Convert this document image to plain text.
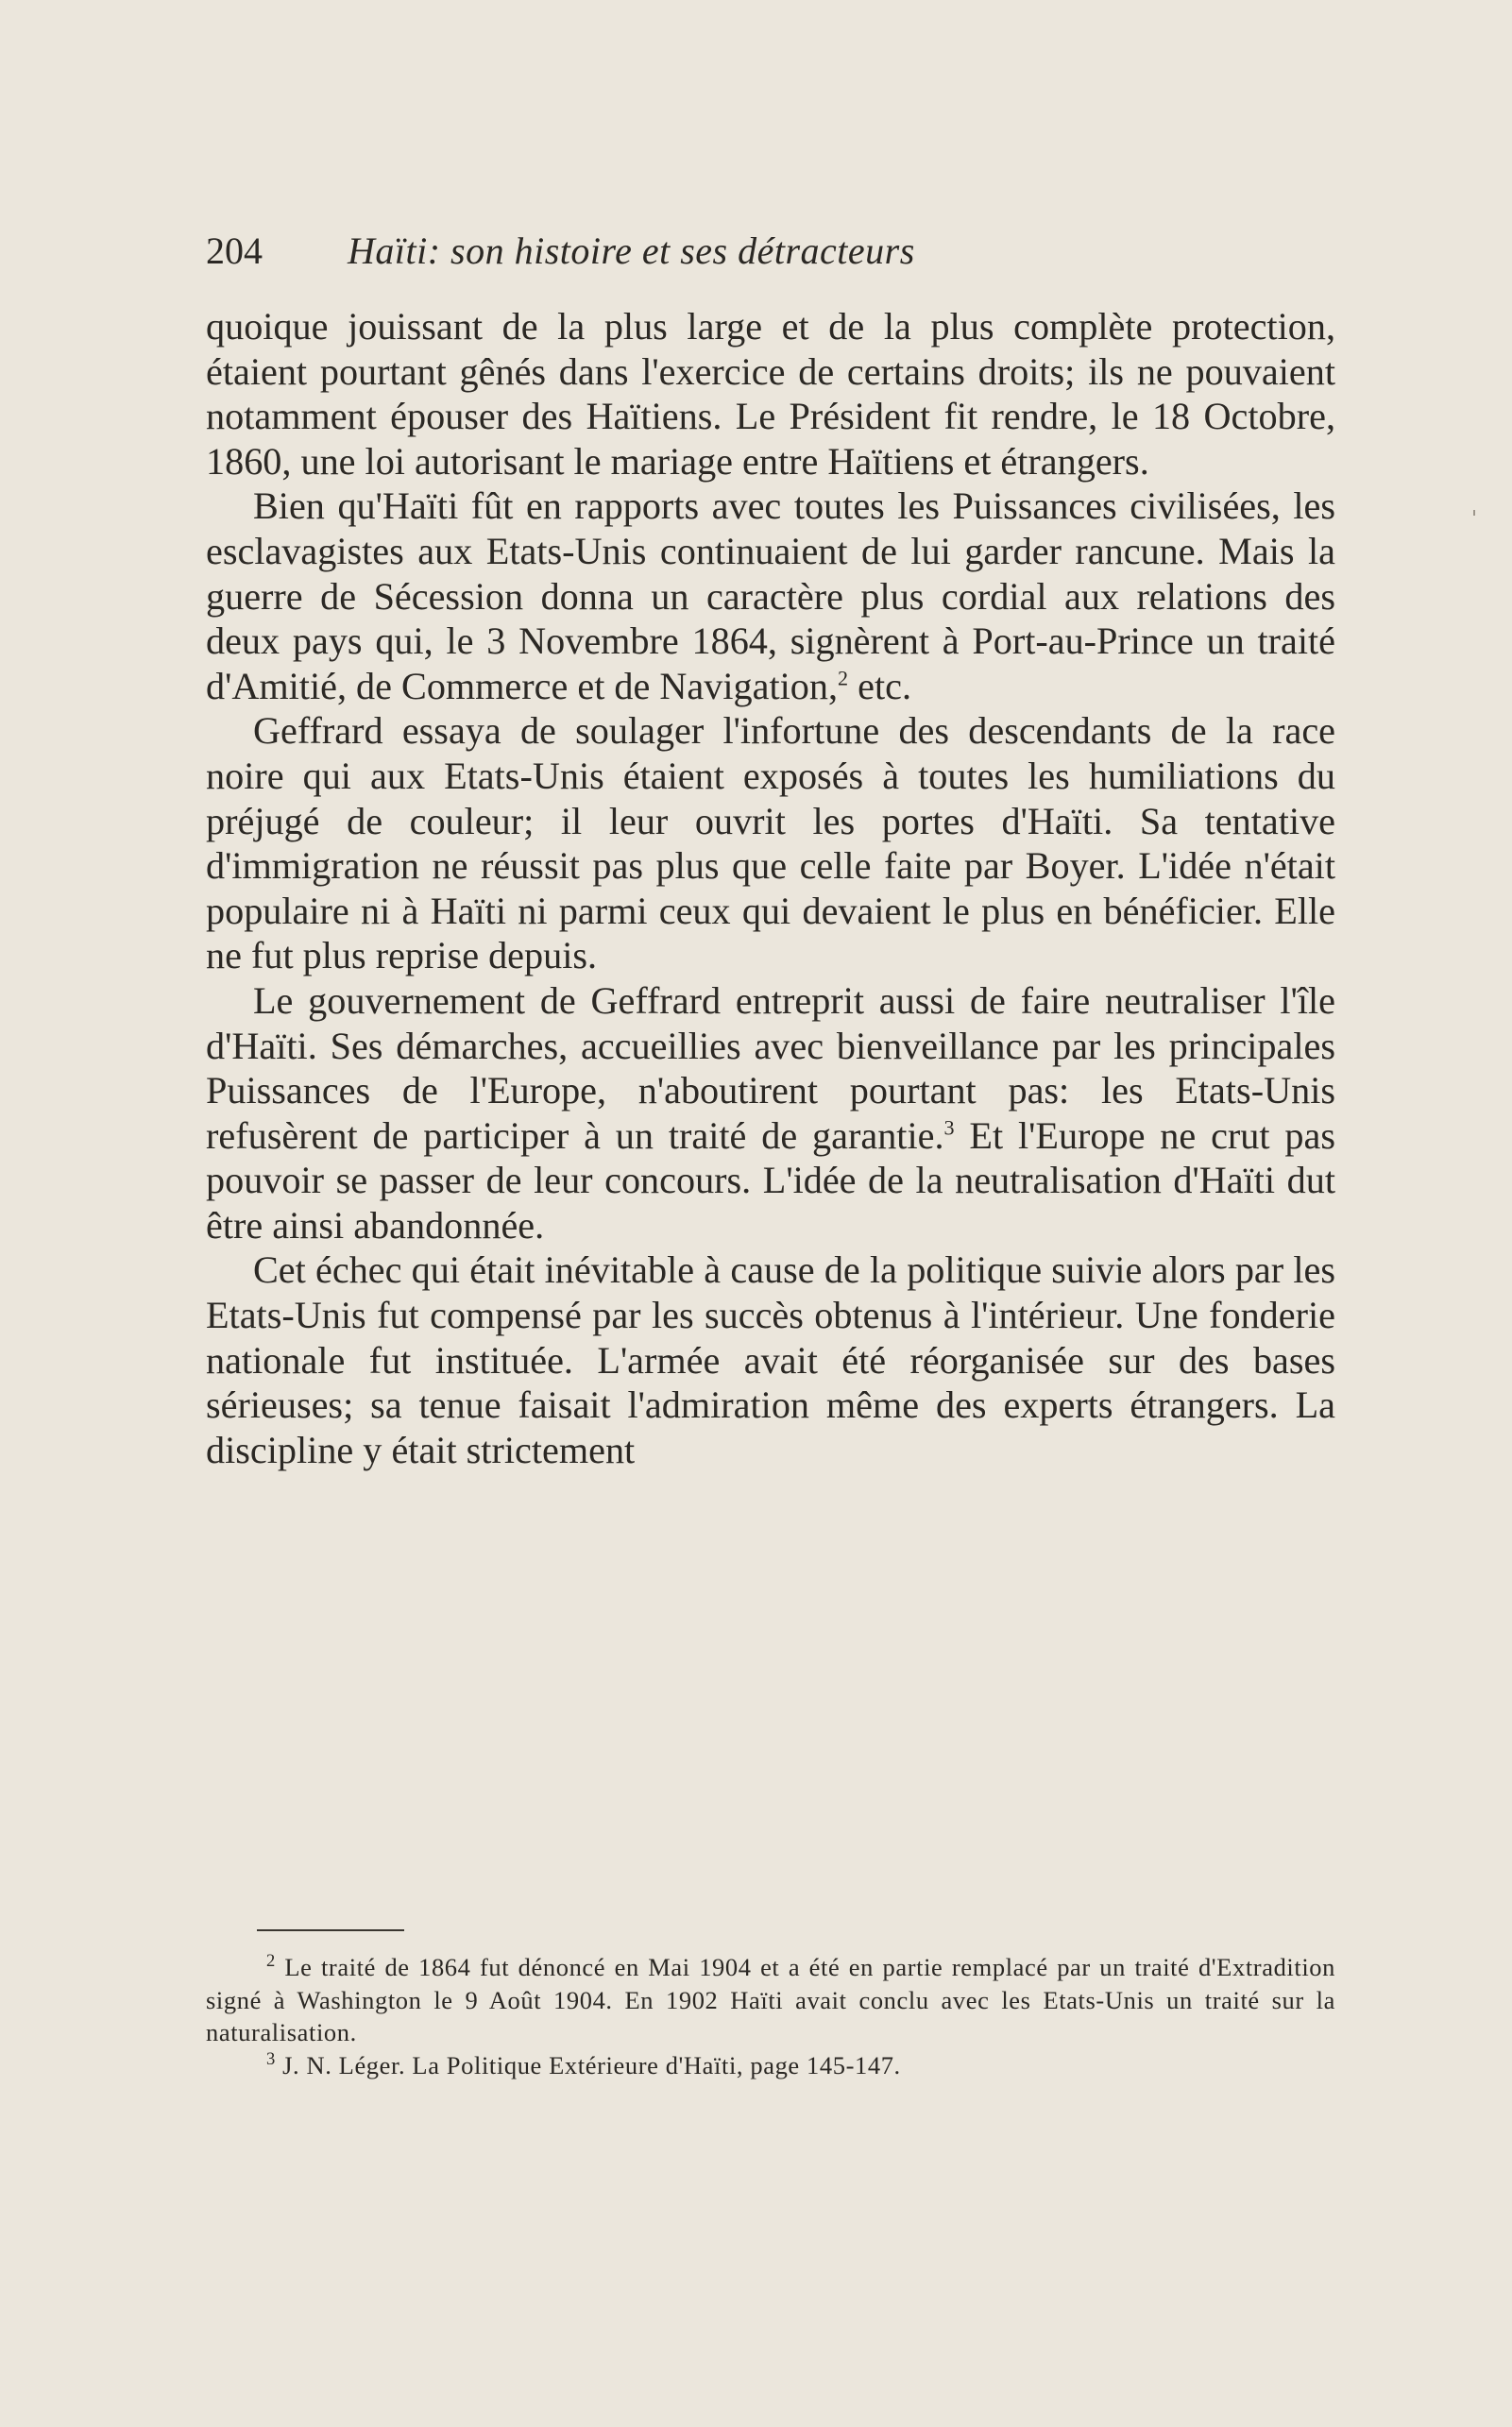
204 Haïti: son histoire et ses détracteurs

quoique jouissant de la plus large et de la plus complète protection, étaient pourtant gênés dans l'exercice de certains droits; ils ne pouvaient notamment épouser des Haïtiens. Le Président fit rendre, le 18 Octobre, 1860, une loi autorisant le mariage entre Haïtiens et étrangers.

Bien qu'Haïti fût en rapports avec toutes les Puissances civilisées, les esclavagistes aux Etats-Unis continuaient de lui garder rancune. Mais la guerre de Sécession donna un caractère plus cordial aux relations des deux pays qui, le 3 Novembre 1864, signèrent à Port-au-Prince un traité d'Amitié, de Commerce et de Navigation,$^2$ etc.

Geffrard essaya de soulager l'infortune des descendants de la race noire qui aux Etats-Unis étaient exposés à toutes les humiliations du préjugé de couleur; il leur ouvrit les portes d'Haïti. Sa tentative d'immigration ne réussit pas plus que celle faite par Boyer. L'idée n'était populaire ni à Haïti ni parmi ceux qui devaient le plus en bénéficier. Elle ne fut plus reprise depuis.

Le gouvernement de Geffrard entreprit aussi de faire neutraliser l'île d'Haïti. Ses démarches, accueillies avec bienveillance par les principales Puissances de l'Europe, n'aboutirent pourtant pas: les Etats-Unis refusèrent de participer à un traité de garantie.$^3$ Et l'Europe ne crut pas pouvoir se passer de leur concours. L'idée de la neutralisation d'Haïti dut être ainsi abandonnée.

Cet échec qui était inévitable à cause de la politique suivie alors par les Etats-Unis fut compensé par les succès obtenus à l'intérieur. Une fonderie nationale fut instituée. L'armée avait été réorganisée sur des bases sérieuses; sa tenue faisait l'admiration même des experts étrangers. La discipline y était strictement

$^2$ Le traité de 1864 fut dénoncé en Mai 1904 et a été en partie remplacé par un traité d'Extradition signé à Washington le 9 Août 1904. En 1902 Haïti avait conclu avec les Etats-Unis un traité sur la naturalisation.

$^3$ J. N. Léger. La Politique Extérieure d'Haïti, page 145-147.
